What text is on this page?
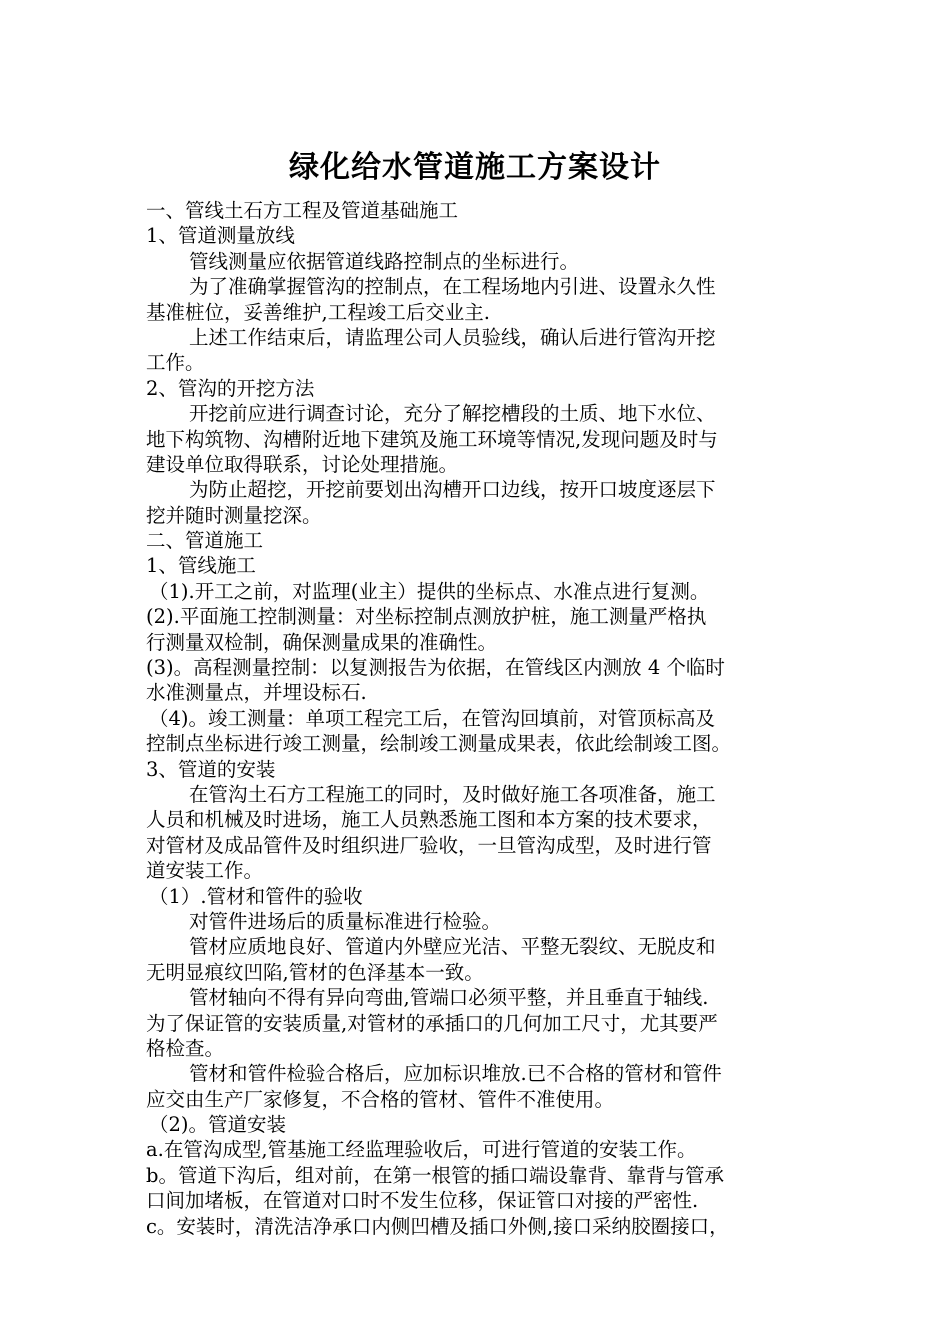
绿化给水管道施工方案设计
一、管线土石方工程及管道基础施工
1、管道测量放线
管线测量应依据管道线路控制点的坐标进行。
为了准确掌握管沟的控制点，在工程场地内引进、设置永久性
基准桩位，妥善维护,工程竣工后交业主.
上述工作结束后，请监理公司人员验线，确认后进行管沟开挖
工作。
2、管沟的开挖方法
开挖前应进行调查讨论，充分了解挖槽段的土质、地下水位、
地下构筑物、沟槽附近地下建筑及施工环境等情况,发现问题及时与
建设单位取得联系，讨论处理措施。
为防止超挖，开挖前要划出沟槽开口边线，按开口坡度逐层下
挖并随时测量挖深。
二、管道施工
1、管线施工
（1).开工之前，对监理(业主）提供的坐标点、水准点进行复测。
(2).平面施工控制测量：对坐标控制点测放护桩，施工测量严格执
行测量双检制，确保测量成果的准确性。
(3)。高程测量控制：以复测报告为依据，在管线区内测放 4 个临时
水准测量点，并埋设标石.
（4)。竣工测量：单项工程完工后，在管沟回填前，对管顶标高及
控制点坐标进行竣工测量，绘制竣工测量成果表，依此绘制竣工图。
3、管道的安装
在管沟土石方工程施工的同时，及时做好施工各项准备，施工
人员和机械及时进场，施工人员熟悉施工图和本方案的技术要求，
对管材及成品管件及时组织进厂验收，一旦管沟成型，及时进行管
道安装工作。
（1）.管材和管件的验收
对管件进场后的质量标准进行检验。
管材应质地良好、管道内外壁应光洁、平整无裂纹、无脱皮和
无明显痕纹凹陷,管材的色泽基本一致。
管材轴向不得有异向弯曲,管端口必须平整，并且垂直于轴线.
为了保证管的安装质量,对管材的承插口的几何加工尺寸，尤其要严
格检查。
管材和管件检验合格后，应加标识堆放.已不合格的管材和管件
应交由生产厂家修复，不合格的管材、管件不准使用。
（2)。管道安装
a.在管沟成型,管基施工经监理验收后，可进行管道的安装工作。
b。管道下沟后，组对前，在第一根管的插口端设靠背、靠背与管承
口间加堵板，在管道对口时不发生位移，保证管口对接的严密性.
c。安装时，清洗洁净承口内侧凹槽及插口外侧,接口采纳胶圈接口，
